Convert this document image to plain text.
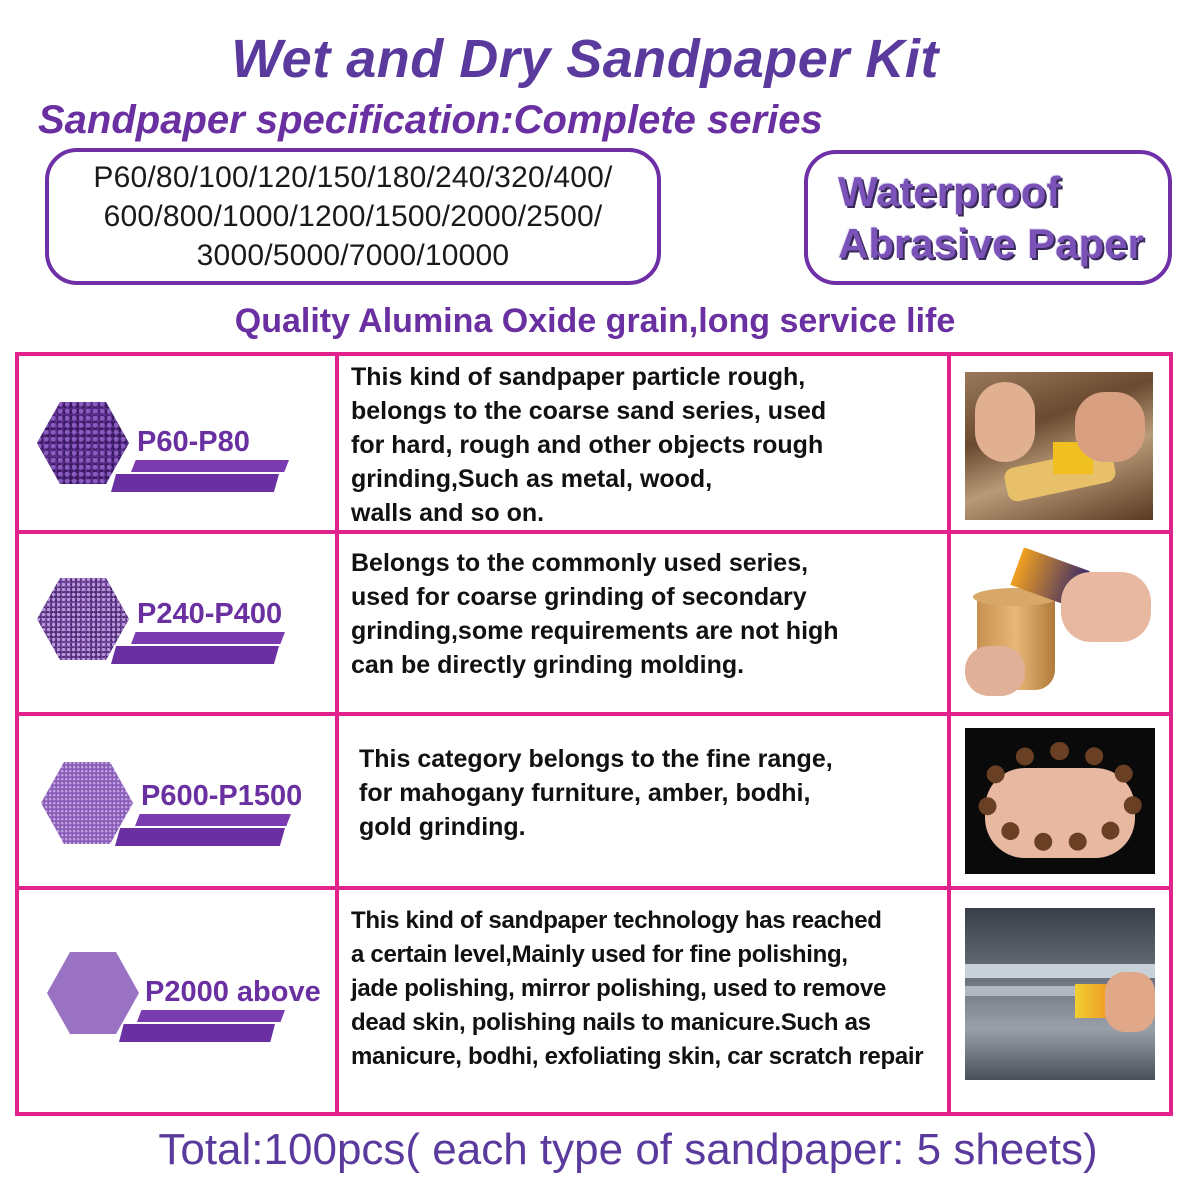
Wet and Dry Sandpaper Kit
Sandpaper specification:Complete series
P60/80/100/120/150/180/240/320/400/
600/800/1000/1200/1500/2000/2500/
3000/5000/7000/10000
Waterproof
Abrasive Paper
Quality Alumina Oxide grain,long service life
P60-P80
This kind of sandpaper particle rough,
belongs to the coarse sand series, used
for hard, rough and other objects rough
grinding,Such as metal, wood,
walls and so on.
P240-P400
Belongs to the commonly used series,
used for coarse grinding of secondary
grinding,some requirements are not high
can be directly grinding molding.
P600-P1500
This category belongs to the fine range,
for mahogany furniture, amber, bodhi,
gold grinding.
P2000 above
This kind of sandpaper technology has reached
a certain level,Mainly used for fine polishing,
jade polishing, mirror polishing, used to remove
dead skin, polishing nails to manicure.Such as
manicure, bodhi, exfoliating skin, car scratch repair
Total:100pcs( each type of sandpaper: 5 sheets)
